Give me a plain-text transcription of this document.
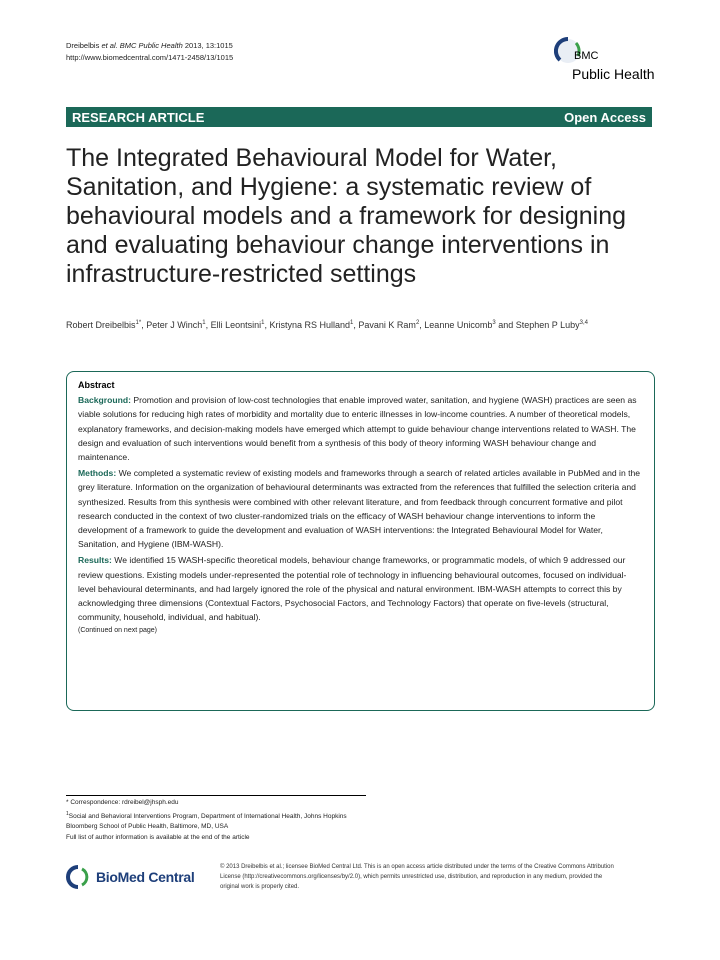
Dreibelbis et al. BMC Public Health 2013, 13:1015
http://www.biomedcentral.com/1471-2458/13/1015	BMC
Public Health
RESEARCH ARTICLE	Open Access
The Integrated Behavioural Model for Water, Sanitation, and Hygiene: a systematic review of behavioural models and a framework for designing and evaluating behaviour change interventions in infrastructure-restricted settings
Robert Dreibelbis$^{1*}$, Peter J Winch$^1$, Elli Leontsini$^1$, Kristyna RS Hulland$^1$, Pavani K Ram$^2$, Leanne Unicomb$^3$ and Stephen P Luby$^{3,4}$
Abstract

Background: Promotion and provision of low-cost technologies that enable improved water, sanitation, and hygiene (WASH) practices are seen as viable solutions for reducing high rates of morbidity and mortality due to enteric illnesses in low-income countries. A number of theoretical models, explanatory frameworks, and decision-making models have emerged which attempt to guide behaviour change interventions related to WASH. The design and evaluation of such interventions would benefit from a synthesis of this body of theory informing WASH behaviour change and maintenance.

Methods: We completed a systematic review of existing models and frameworks through a search of related articles available in PubMed and in the grey literature. Information on the organization of behavioural determinants was extracted from the references that fulfilled the selection criteria and synthesized. Results from this synthesis were combined with other relevant literature, and from feedback through concurrent formative and pilot research conducted in the context of two cluster-randomized trials on the efficacy of WASH behaviour change interventions to inform the development of a framework to guide the development and evaluation of WASH interventions: the Integrated Behavioural Model for Water, Sanitation, and Hygiene (IBM-WASH).

Results: We identified 15 WASH-specific theoretical models, behaviour change frameworks, or programmatic models, of which 9 addressed our review questions. Existing models under-represented the potential role of technology in influencing behavioural outcomes, focused on individual-level behavioural determinants, and had largely ignored the role of the physical and natural environment. IBM-WASH attempts to correct this by acknowledging three dimensions (Contextual Factors, Psychosocial Factors, and Technology Factors) that operate on five-levels (structural, community, household, individual, and habitual).

(Continued on next page)
* Correspondence: rdreibel@jhsph.edu
$^1$Social and Behavioral Interventions Program, Department of International Health, Johns Hopkins Bloomberg School of Public Health, Baltimore, MD, USA
Full list of author information is available at the end of the article
BioMed Central
© 2013 Dreibelbis et al.; licensee BioMed Central Ltd. This is an open access article distributed under the terms of the Creative Commons Attribution License (http://creativecommons.org/licenses/by/2.0), which permits unrestricted use, distribution, and reproduction in any medium, provided the original work is properly cited.
